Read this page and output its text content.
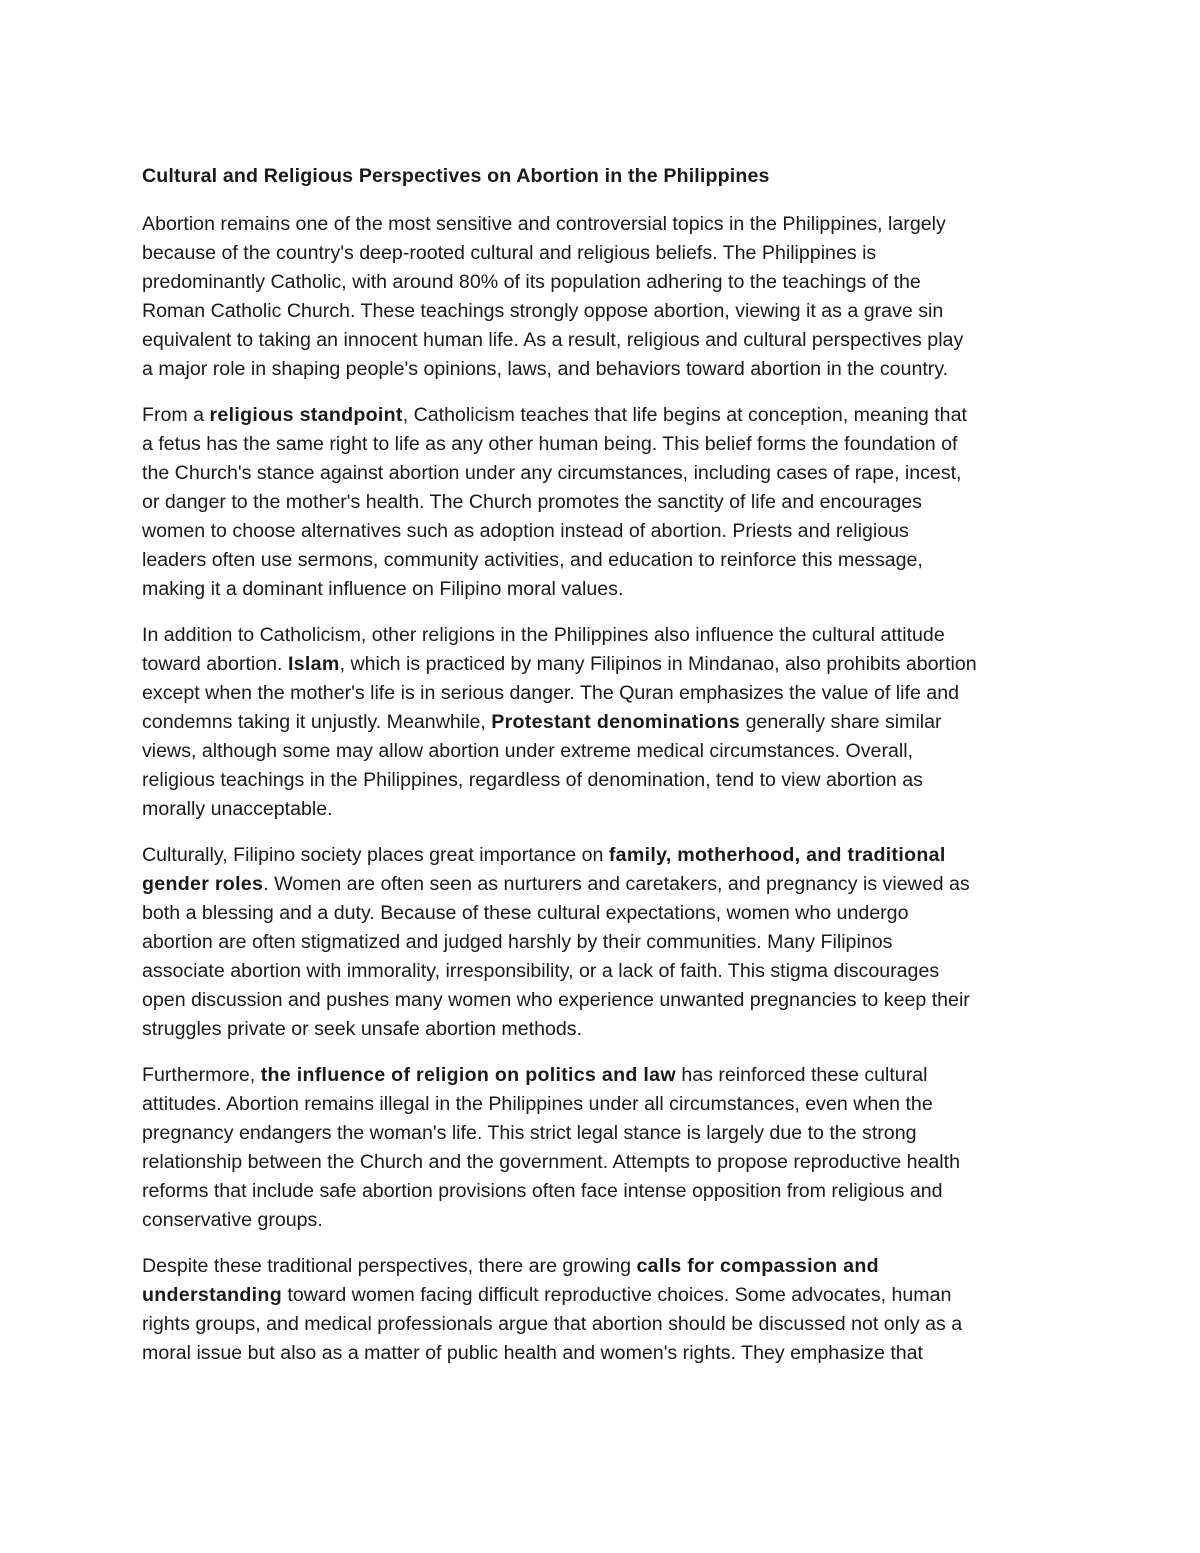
Cultural and Religious Perspectives on Abortion in the Philippines
Abortion remains one of the most sensitive and controversial topics in the Philippines, largely
because of the country's deep-rooted cultural and religious beliefs. The Philippines is
predominantly Catholic, with around 80% of its population adhering to the teachings of the
Roman Catholic Church. These teachings strongly oppose abortion, viewing it as a grave sin
equivalent to taking an innocent human life. As a result, religious and cultural perspectives play
a major role in shaping people's opinions, laws, and behaviors toward abortion in the country.
From a religious standpoint, Catholicism teaches that life begins at conception, meaning that
a fetus has the same right to life as any other human being. This belief forms the foundation of
the Church's stance against abortion under any circumstances, including cases of rape, incest,
or danger to the mother's health. The Church promotes the sanctity of life and encourages
women to choose alternatives such as adoption instead of abortion. Priests and religious
leaders often use sermons, community activities, and education to reinforce this message,
making it a dominant influence on Filipino moral values.
In addition to Catholicism, other religions in the Philippines also influence the cultural attitude
toward abortion. Islam, which is practiced by many Filipinos in Mindanao, also prohibits abortion
except when the mother's life is in serious danger. The Quran emphasizes the value of life and
condemns taking it unjustly. Meanwhile, Protestant denominations generally share similar
views, although some may allow abortion under extreme medical circumstances. Overall,
religious teachings in the Philippines, regardless of denomination, tend to view abortion as
morally unacceptable.
Culturally, Filipino society places great importance on family, motherhood, and traditional
gender roles. Women are often seen as nurturers and caretakers, and pregnancy is viewed as
both a blessing and a duty. Because of these cultural expectations, women who undergo
abortion are often stigmatized and judged harshly by their communities. Many Filipinos
associate abortion with immorality, irresponsibility, or a lack of faith. This stigma discourages
open discussion and pushes many women who experience unwanted pregnancies to keep their
struggles private or seek unsafe abortion methods.
Furthermore, the influence of religion on politics and law has reinforced these cultural
attitudes. Abortion remains illegal in the Philippines under all circumstances, even when the
pregnancy endangers the woman's life. This strict legal stance is largely due to the strong
relationship between the Church and the government. Attempts to propose reproductive health
reforms that include safe abortion provisions often face intense opposition from religious and
conservative groups.
Despite these traditional perspectives, there are growing calls for compassion and
understanding toward women facing difficult reproductive choices. Some advocates, human
rights groups, and medical professionals argue that abortion should be discussed not only as a
moral issue but also as a matter of public health and women's rights. They emphasize that
